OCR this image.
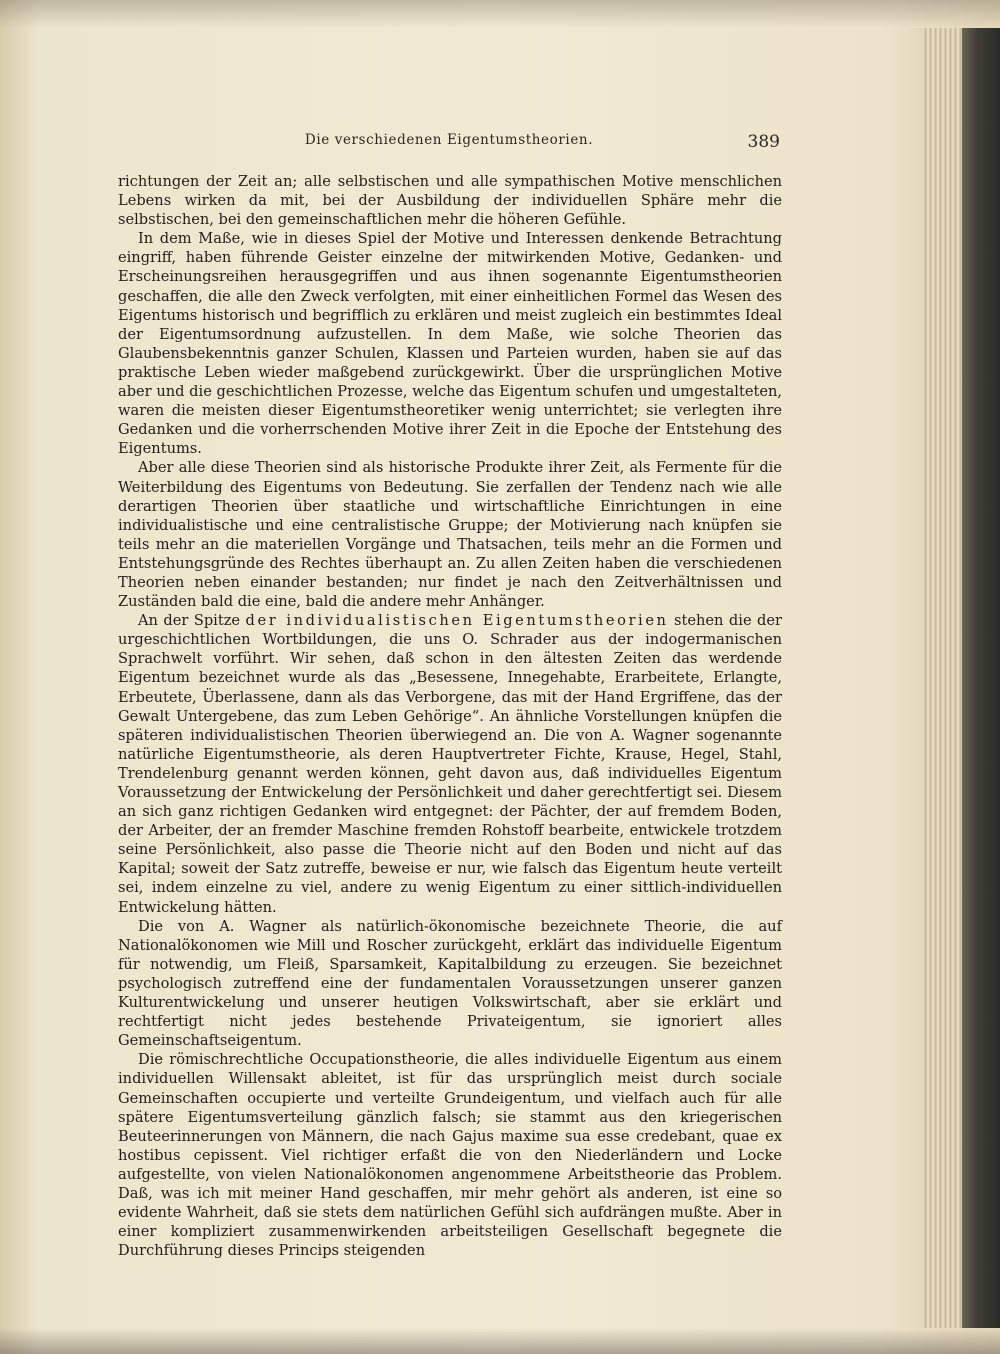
Die verschiedenen Eigentumstheorien.	389

richtungen der Zeit an; alle selbstischen und alle sympathischen Motive menschlichen Lebens wirken da mit, bei der Ausbildung der individuellen Sphäre mehr die selbstischen, bei den gemeinschaftlichen mehr die höheren Gefühle.

In dem Maße, wie in dieses Spiel der Motive und Interessen denkende Betrachtung eingriff, haben führende Geister einzelne der mitwirkenden Motive, Gedanken- und Erscheinungsreihen herausgegriffen und aus ihnen sogenannte Eigentumstheorien geschaffen, die alle den Zweck verfolgten, mit einer einheitlichen Formel das Wesen des Eigentums historisch und begrifflich zu erklären und meist zugleich ein bestimmtes Ideal der Eigentumsordnung aufzustellen. In dem Maße, wie solche Theorien das Glaubensbekenntnis ganzer Schulen, Klassen und Parteien wurden, haben sie auf das praktische Leben wieder maßgebend zurückgewirkt. Über die ursprünglichen Motive aber und die geschichtlichen Prozesse, welche das Eigentum schufen und umgestalteten, waren die meisten dieser Eigentumstheoretiker wenig unterrichtet; sie verlegten ihre Gedanken und die vorherrschenden Motive ihrer Zeit in die Epoche der Entstehung des Eigentums.

Aber alle diese Theorien sind als historische Produkte ihrer Zeit, als Fermente für die Weiterbildung des Eigentums von Bedeutung. Sie zerfallen der Tendenz nach wie alle derartigen Theorien über staatliche und wirtschaftliche Einrichtungen in eine individualistische und eine centralistische Gruppe; der Motivierung nach knüpfen sie teils mehr an die materiellen Vorgänge und Thatsachen, teils mehr an die Formen und Entstehungsgründe des Rechtes überhaupt an. Zu allen Zeiten haben die verschiedenen Theorien neben einander bestanden; nur findet je nach den Zeitverhältnissen und Zuständen bald die eine, bald die andere mehr Anhänger.

An der Spitze der individualistischen Eigentumstheorien stehen die der urgeschichtlichen Wortbildungen, die uns O. Schrader aus der indogermanischen Sprachwelt vorführt. Wir sehen, daß schon in den ältesten Zeiten das werdende Eigentum bezeichnet wurde als das „Besessene, Innegehabte, Erarbeitete, Erlangte, Erbeutete, Überlassene, dann als das Verborgene, das mit der Hand Ergriffene, das der Gewalt Untergebene, das zum Leben Gehörige“. An ähnliche Vorstellungen knüpfen die späteren individualistischen Theorien überwiegend an. Die von A. Wagner sogenannte natürliche Eigentumstheorie, als deren Hauptvertreter Fichte, Krause, Hegel, Stahl, Trendelenburg genannt werden können, geht davon aus, daß individuelles Eigentum Voraussetzung der Entwickelung der Persönlichkeit und daher gerechtfertigt sei. Diesem an sich ganz richtigen Gedanken wird entgegnet: der Pächter, der auf fremdem Boden, der Arbeiter, der an fremder Maschine fremden Rohstoff bearbeite, entwickele trotzdem seine Persönlichkeit, also passe die Theorie nicht auf den Boden und nicht auf das Kapital; soweit der Satz zutreffe, beweise er nur, wie falsch das Eigentum heute verteilt sei, indem einzelne zu viel, andere zu wenig Eigentum zu einer sittlich-individuellen Entwickelung hätten.

Die von A. Wagner als natürlich-ökonomische bezeichnete Theorie, die auf Nationalökonomen wie Mill und Roscher zurückgeht, erklärt das individuelle Eigentum für notwendig, um Fleiß, Sparsamkeit, Kapitalbildung zu erzeugen. Sie bezeichnet psychologisch zutreffend eine der fundamentalen Voraussetzungen unserer ganzen Kulturentwickelung und unserer heutigen Volkswirtschaft, aber sie erklärt und rechtfertigt nicht jedes bestehende Privateigentum, sie ignoriert alles Gemeinschaftseigentum.

Die römischrechtliche Occupationstheorie, die alles individuelle Eigentum aus einem individuellen Willensakt ableitet, ist für das ursprünglich meist durch sociale Gemeinschaften occupierte und verteilte Grundeigentum, und vielfach auch für alle spätere Eigentumsverteilung gänzlich falsch; sie stammt aus den kriegerischen Beuteerinnerungen von Männern, die nach Gajus maxime sua esse credebant, quae ex hostibus cepissent. Viel richtiger erfaßt die von den Niederländern und Locke aufgestellte, von vielen Nationalökonomen angenommene Arbeitstheorie das Problem. Daß, was ich mit meiner Hand geschaffen, mir mehr gehört als anderen, ist eine so evidente Wahrheit, daß sie stets dem natürlichen Gefühl sich aufdrängen mußte. Aber in einer kompliziert zusammenwirkenden arbeitsteiligen Gesellschaft begegnete die Durchführung dieses Princips steigenden
